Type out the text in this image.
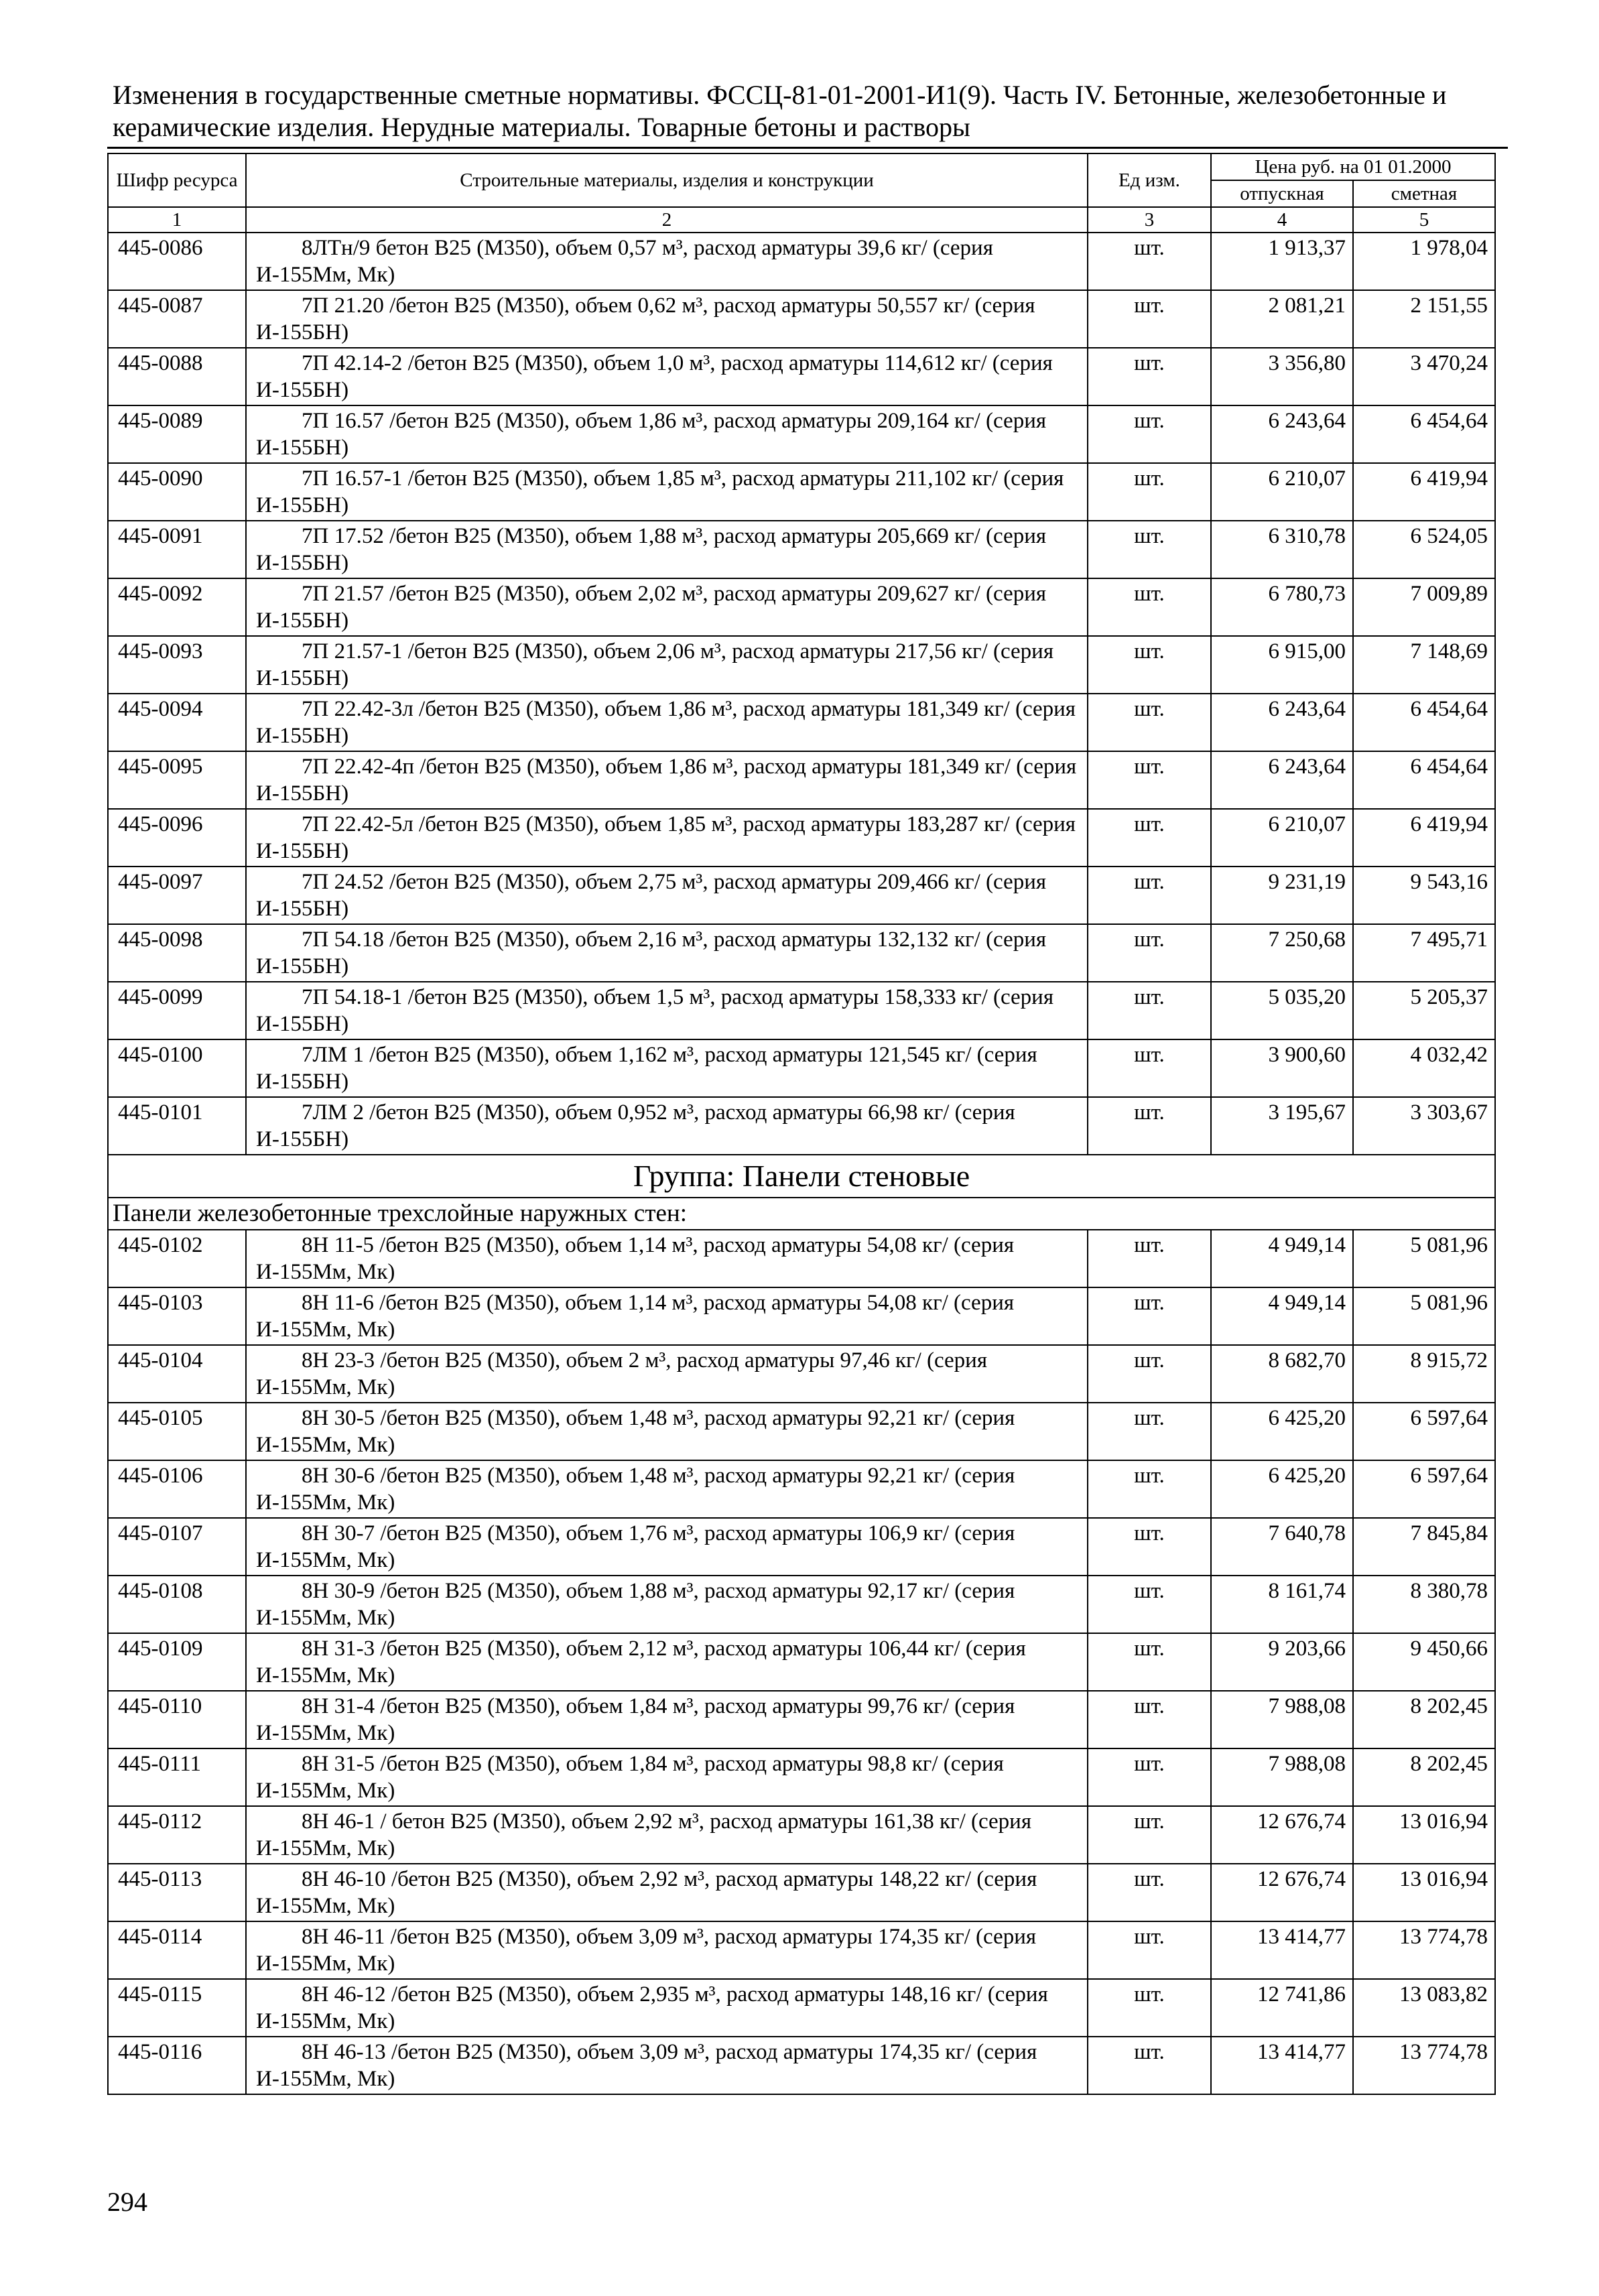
Изменения в государственные сметные нормативы. ФССЦ-81-01-2001-И1(9). Часть IV. Бетонные, железобетонные и
керамические изделия. Нерудные материалы. Товарные бетоны и растворы
Шифр ресурса	Строительные материалы, изделия и конструкции	Ед изм.	Цена руб. на 01 01.2000	
			отпускная	сметная
1	2	3	4	5
445-0086	8ЛТн/9 бетон В25 (М350), объем 0,57 м³, расход арматуры 39,6 кг/ (серия И-155Мм, Мк)	шт.	1 913,37	1 978,04
445-0087	7П 21.20 /бетон В25 (М350), объем 0,62 м³, расход арматуры 50,557 кг/ (серия И-155БН)	шт.	2 081,21	2 151,55
445-0088	7П 42.14-2 /бетон В25 (М350), объем 1,0 м³, расход арматуры 114,612 кг/ (серия И-155БН)	шт.	3 356,80	3 470,24
445-0089	7П 16.57 /бетон В25 (М350), объем 1,86 м³, расход арматуры 209,164 кг/ (серия И-155БН)	шт.	6 243,64	6 454,64
445-0090	7П 16.57-1 /бетон В25 (М350), объем 1,85 м³, расход арматуры 211,102 кг/ (серия И-155БН)	шт.	6 210,07	6 419,94
445-0091	7П 17.52 /бетон В25 (М350), объем 1,88 м³, расход арматуры 205,669 кг/ (серия И-155БН)	шт.	6 310,78	6 524,05
445-0092	7П 21.57 /бетон В25 (М350), объем 2,02 м³, расход арматуры 209,627 кг/ (серия И-155БН)	шт.	6 780,73	7 009,89
445-0093	7П 21.57-1 /бетон В25 (М350), объем 2,06 м³, расход арматуры 217,56 кг/ (серия И-155БН)	шт.	6 915,00	7 148,69
445-0094	7П 22.42-3л /бетон В25 (М350), объем 1,86 м³, расход арматуры 181,349 кг/ (серия И-155БН)	шт.	6 243,64	6 454,64
445-0095	7П 22.42-4п /бетон В25 (М350), объем 1,86 м³, расход арматуры 181,349 кг/ (серия И-155БН)	шт.	6 243,64	6 454,64
445-0096	7П 22.42-5л /бетон В25 (М350), объем 1,85 м³, расход арматуры 183,287 кг/ (серия И-155БН)	шт.	6 210,07	6 419,94
445-0097	7П 24.52 /бетон В25 (М350), объем 2,75 м³, расход арматуры 209,466 кг/ (серия И-155БН)	шт.	9 231,19	9 543,16
445-0098	7П 54.18 /бетон В25 (М350), объем 2,16 м³, расход арматуры 132,132 кг/ (серия И-155БН)	шт.	7 250,68	7 495,71
445-0099	7П 54.18-1 /бетон В25 (М350), объем 1,5 м³, расход арматуры 158,333 кг/ (серия И-155БН)	шт.	5 035,20	5 205,37
445-0100	7ЛМ 1 /бетон В25 (М350), объем 1,162 м³, расход арматуры 121,545 кг/ (серия И-155БН)	шт.	3 900,60	4 032,42
445-0101	7ЛМ 2 /бетон В25 (М350), объем 0,952 м³, расход арматуры 66,98 кг/ (серия И-155БН)	шт.	3 195,67	3 303,67
Группа: Панели стеновые				
Панели железобетонные трехслойные наружных стен:				
445-0102	8Н 11-5 /бетон В25 (М350), объем 1,14 м³, расход арматуры 54,08 кг/ (серия И-155Мм, Мк)	шт.	4 949,14	5 081,96
445-0103	8Н 11-6 /бетон В25 (М350), объем 1,14 м³, расход арматуры 54,08 кг/ (серия И-155Мм, Мк)	шт.	4 949,14	5 081,96
445-0104	8Н 23-3 /бетон В25 (М350), объем 2 м³, расход арматуры 97,46 кг/ (серия И-155Мм, Мк)	шт.	8 682,70	8 915,72
445-0105	8Н 30-5 /бетон В25 (М350), объем 1,48 м³, расход арматуры 92,21 кг/ (серия И-155Мм, Мк)	шт.	6 425,20	6 597,64
445-0106	8Н 30-6 /бетон В25 (М350), объем 1,48 м³, расход арматуры 92,21 кг/ (серия И-155Мм, Мк)	шт.	6 425,20	6 597,64
445-0107	8Н 30-7 /бетон В25 (М350), объем 1,76 м³, расход арматуры 106,9 кг/ (серия И-155Мм, Мк)	шт.	7 640,78	7 845,84
445-0108	8Н 30-9 /бетон В25 (М350), объем 1,88 м³, расход арматуры 92,17 кг/ (серия И-155Мм, Мк)	шт.	8 161,74	8 380,78
445-0109	8Н 31-3 /бетон В25 (М350), объем 2,12 м³, расход арматуры 106,44 кг/ (серия И-155Мм, Мк)	шт.	9 203,66	9 450,66
445-0110	8Н 31-4 /бетон В25 (М350), объем 1,84 м³, расход арматуры 99,76 кг/ (серия И-155Мм, Мк)	шт.	7 988,08	8 202,45
445-0111	8Н 31-5 /бетон В25 (М350), объем 1,84 м³, расход арматуры 98,8 кг/ (серия И-155Мм, Мк)	шт.	7 988,08	8 202,45
445-0112	8Н 46-1 / бетон В25 (М350), объем 2,92 м³, расход арматуры 161,38 кг/ (серия И-155Мм, Мк)	шт.	12 676,74	13 016,94
445-0113	8Н 46-10 /бетон В25 (М350), объем 2,92 м³, расход арматуры 148,22 кг/ (серия И-155Мм, Мк)	шт.	12 676,74	13 016,94
445-0114	8Н 46-11 /бетон В25 (М350), объем 3,09 м³, расход арматуры 174,35 кг/ (серия И-155Мм, Мк)	шт.	13 414,77	13 774,78
445-0115	8Н 46-12 /бетон В25 (М350), объем 2,935 м³, расход арматуры 148,16 кг/ (серия И-155Мм, Мк)	шт.	12 741,86	13 083,82
445-0116	8Н 46-13 /бетон В25 (М350), объем 3,09 м³, расход арматуры 174,35 кг/ (серия И-155Мм, Мк)	шт.	13 414,77	13 774,78
294
